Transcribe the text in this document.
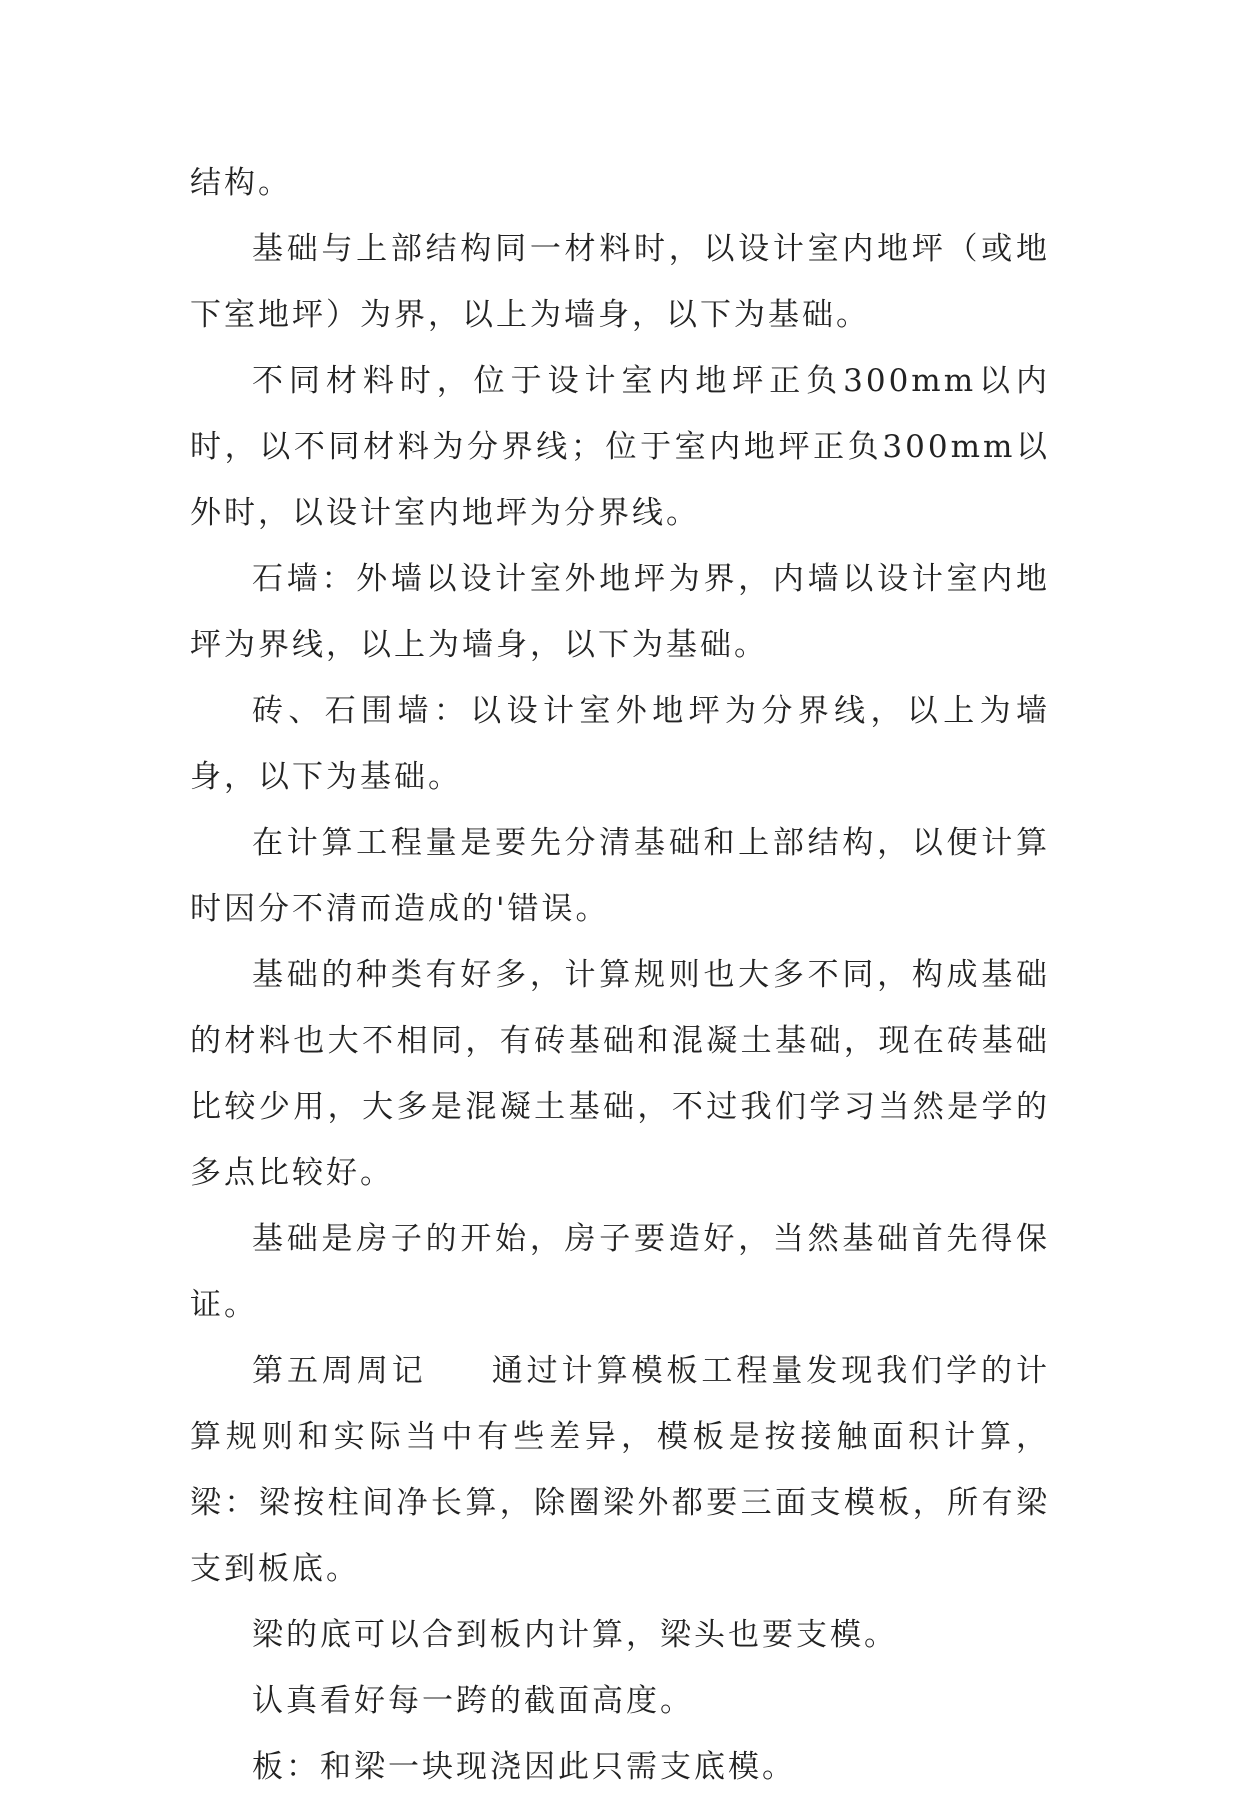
结构。

基础与上部结构同一材料时，以设计室内地坪（或地下室地坪）为界，以上为墙身，以下为基础。

不同材料时，位于设计室内地坪正负300mm以内时，以不同材料为分界线；位于室内地坪正负300mm以外时，以设计室内地坪为分界线。

石墙：外墙以设计室外地坪为界，内墙以设计室内地坪为界线，以上为墙身，以下为基础。

砖、石围墙：以设计室外地坪为分界线，以上为墙身，以下为基础。

在计算工程量是要先分清基础和上部结构，以便计算时因分不清而造成的'错误。

基础的种类有好多，计算规则也大多不同，构成基础的材料也大不相同，有砖基础和混凝土基础，现在砖基础比较少用，大多是混凝土基础，不过我们学习当然是学的多点比较好。

基础是房子的开始，房子要造好，当然基础首先得保证。

第五周周记 通过计算模板工程量发现我们学的计算规则和实际当中有些差异，模板是按接触面积计算，梁：梁按柱间净长算，除圈梁外都要三面支模板，所有梁支到板底。

梁的底可以合到板内计算，梁头也要支模。

认真看好每一跨的截面高度。

板：和梁一块现浇因此只需支底模。
